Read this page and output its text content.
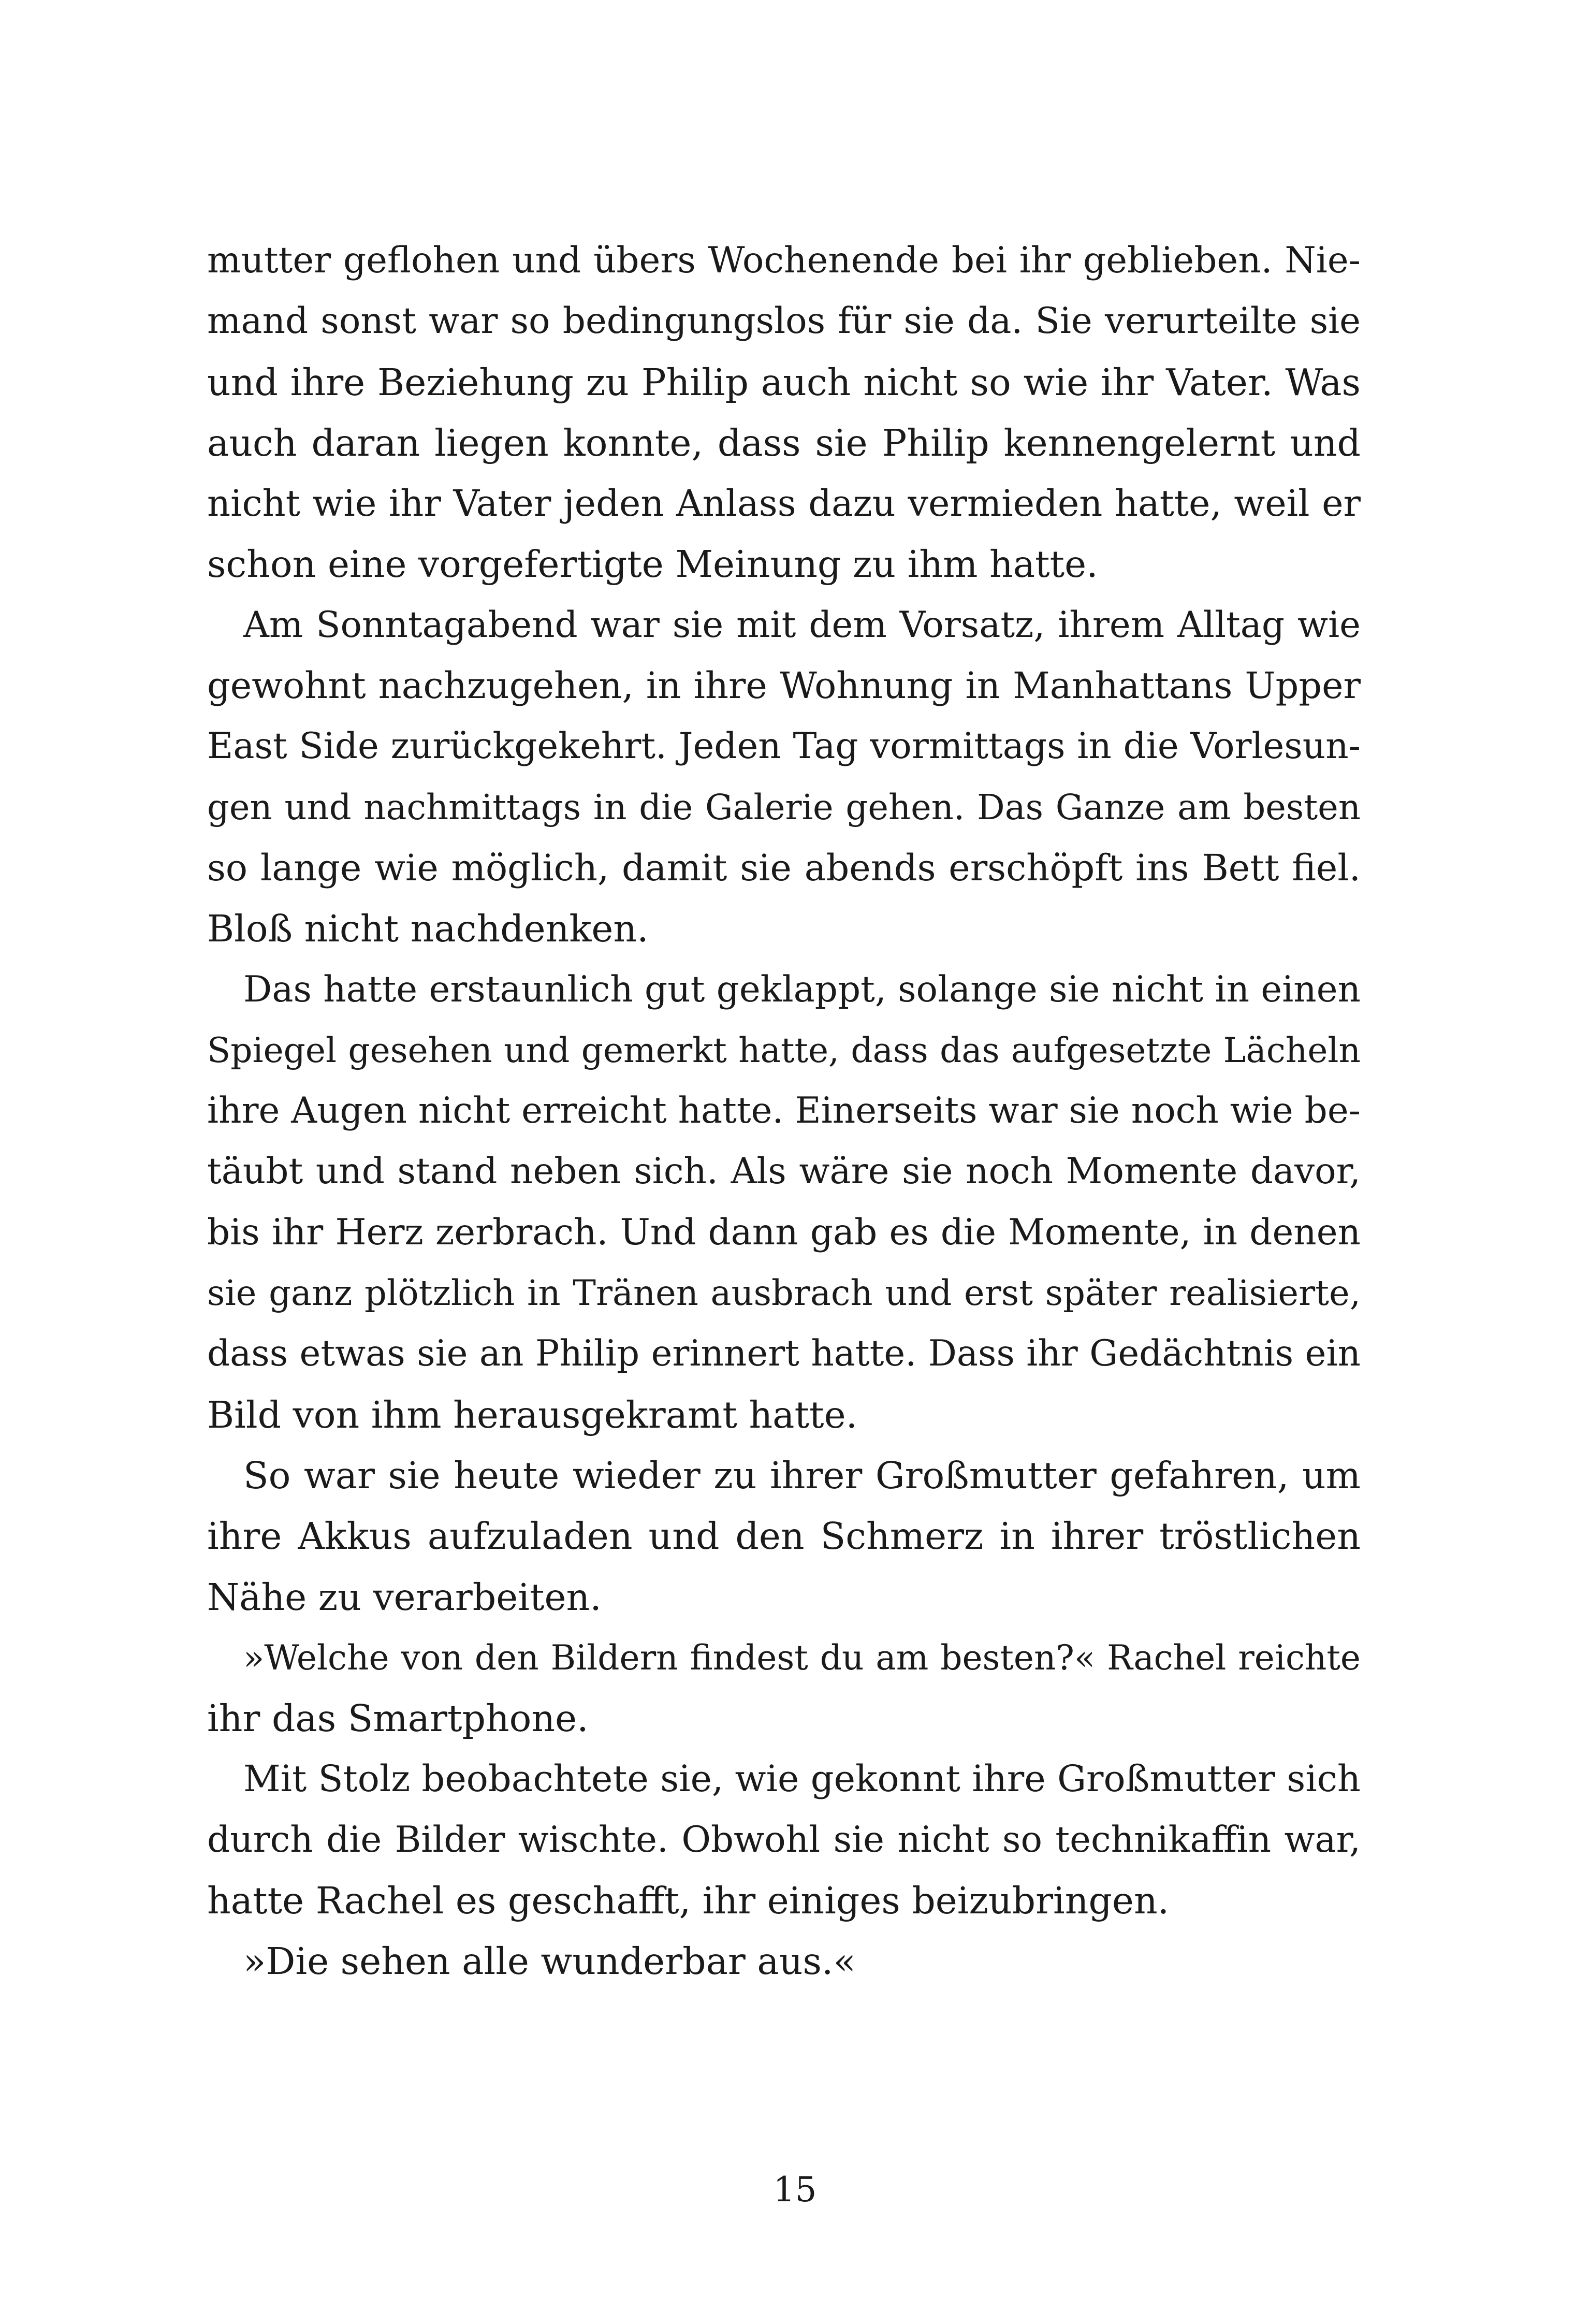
mutter geflohen und übers Wochenende bei ihr geblieben. Nie-
mand sonst war so bedingungslos für sie da. Sie verurteilte sie
und ihre Beziehung zu Philip auch nicht so wie ihr Vater. Was
auch daran liegen konnte, dass sie Philip kennengelernt und
nicht wie ihr Vater jeden Anlass dazu vermieden hatte, weil er
schon eine vorgefertigte Meinung zu ihm hatte.
Am Sonntagabend war sie mit dem Vorsatz, ihrem Alltag wie
gewohnt nachzugehen, in ihre Wohnung in Manhattans Upper
East Side zurückgekehrt. Jeden Tag vormittags in die Vorlesun-
gen und nachmittags in die Galerie gehen. Das Ganze am besten
so lange wie möglich, damit sie abends erschöpft ins Bett fiel.
Bloß nicht nachdenken.
Das hatte erstaunlich gut geklappt, solange sie nicht in einen
Spiegel gesehen und gemerkt hatte, dass das aufgesetzte Lächeln
ihre Augen nicht erreicht hatte. Einerseits war sie noch wie be-
täubt und stand neben sich. Als wäre sie noch Momente davor,
bis ihr Herz zerbrach. Und dann gab es die Momente, in denen
sie ganz plötzlich in Tränen ausbrach und erst später realisierte,
dass etwas sie an Philip erinnert hatte. Dass ihr Gedächtnis ein
Bild von ihm herausgekramt hatte.
So war sie heute wieder zu ihrer Großmutter gefahren, um
ihre Akkus aufzuladen und den Schmerz in ihrer tröstlichen
Nähe zu verarbeiten.
»Welche von den Bildern findest du am besten?« Rachel reichte
ihr das Smartphone.
Mit Stolz beobachtete sie, wie gekonnt ihre Großmutter sich
durch die Bilder wischte. Obwohl sie nicht so technikaffin war,
hatte Rachel es geschafft, ihr einiges beizubringen.
»Die sehen alle wunderbar aus.«
15
